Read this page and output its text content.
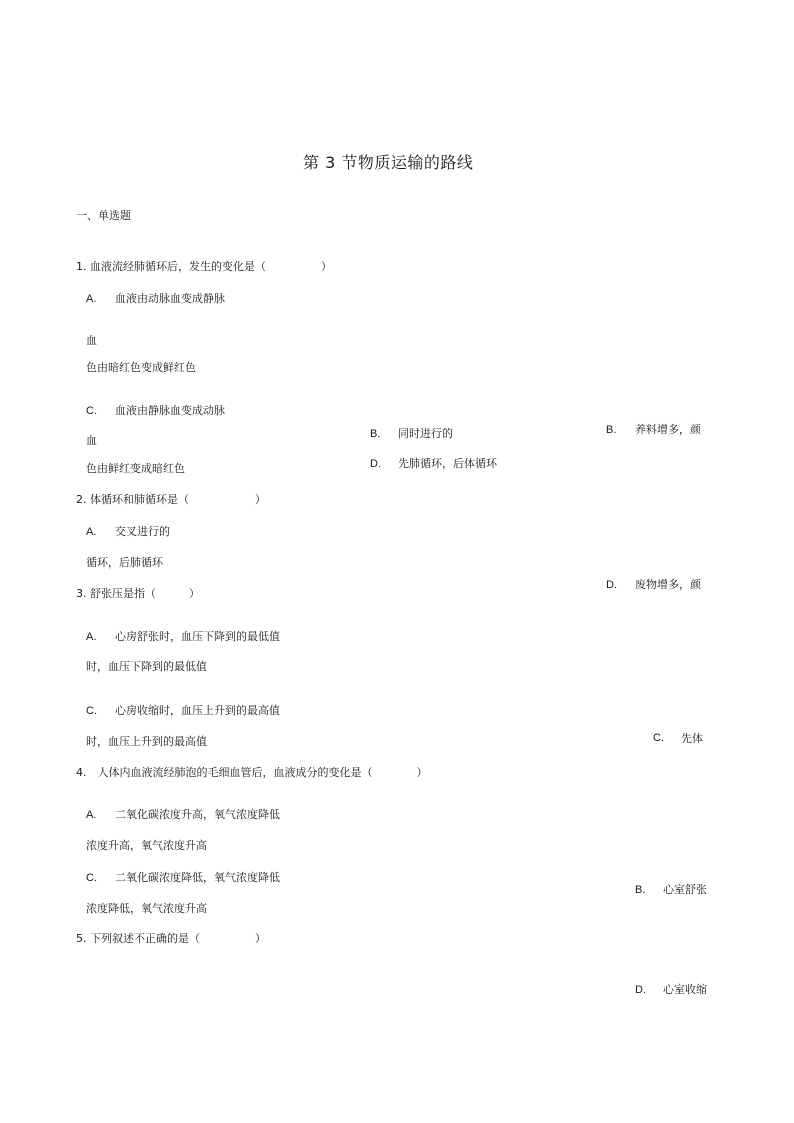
第 3 节物质运输的路线
一、单选题
1. 血液流经肺循环后，发生的变化是（　　　　　）
A. 血液由动脉血变成静脉
血
色由暗红色变成鲜红色
C. 血液由静脉血变成动脉
血
色由鲜红变成暗红色
B. 养料增多，颜
D. 废物增多，颜
2. 体循环和肺循环是（　　　　　　）
A. 交叉进行的
循环，后肺循环
B. 同时进行的
D. 先肺循环，后体循环
C. 先体
3. 舒张压是指（　　　）
A. 心房舒张时，血压下降到的最低值
时，血压下降到的最低值
C. 心房收缩时，血压上升到的最高值
时，血压上升到的最高值
B. 心室舒张
D. 心室收缩
4.　人体内血液流经肺泡的毛细血管后，血液成分的变化是（　　　　）
A. 二氧化碳浓度升高，氧气浓度降低
浓度升高，氧气浓度升高
C. 二氧化碳浓度降低，氧气浓度降低
浓度降低，氧气浓度升高
5. 下列叙述不正确的是（　　　　　）
